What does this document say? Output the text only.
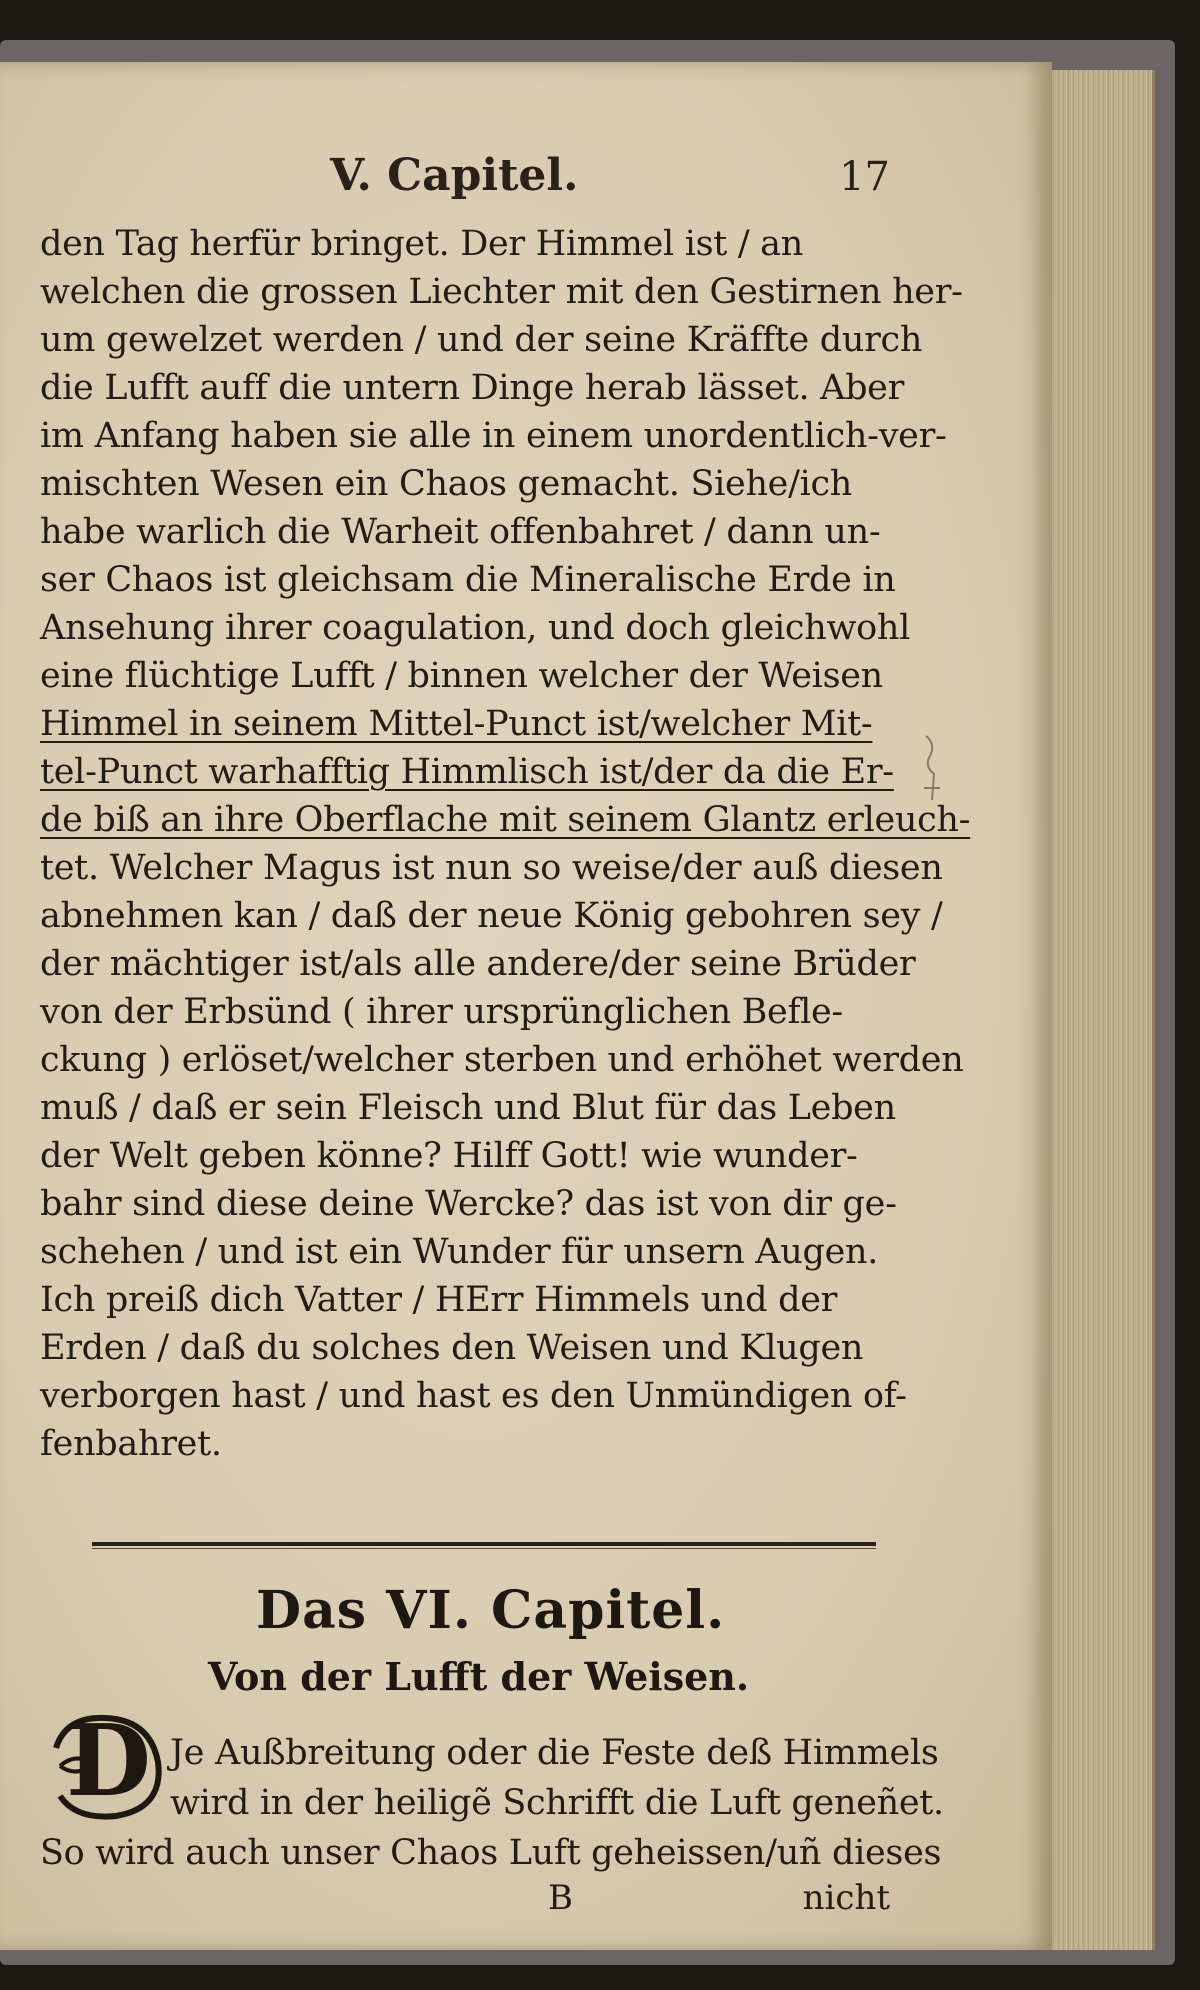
V. Capitel.	17
den Tag herfür bringet. Der Himmel ist / an
welchen die grossen Liechter mit den Gestirnen her-
um gewelzet werden / und der seine Kräffte durch
die Lufft auff die untern Dinge herab lässet. Aber
im Anfang haben sie alle in einem unordentlich-ver-
mischten Wesen ein Chaos gemacht. Siehe/ich
habe warlich die Warheit offenbahret / dann un-
ser Chaos ist gleichsam die Mineralische Erde in
Ansehung ihrer coagulation, und doch gleichwohl
eine flüchtige Lufft / binnen welcher der Weisen
Himmel in seinem Mittel-Punct ist/welcher Mit-
tel-Punct warhafftig Himmlisch ist/der da die Er-
de biß an ihre Oberflache mit seinem Glantz erleuch-
tet. Welcher Magus ist nun so weise/der auß diesen
abnehmen kan / daß der neue König gebohren sey /
der mächtiger ist/als alle andere/der seine Brüder
von der Erbsünd ( ihrer ursprünglichen Befle-
ckung ) erlöset/welcher sterben und erhöhet werden
muß / daß er sein Fleisch und Blut für das Leben
der Welt geben könne? Hilff Gott! wie wunder-
bahr sind diese deine Wercke? das ist von dir ge-
schehen / und ist ein Wunder für unsern Augen.
Ich preiß dich Vatter / HErr Himmels und der
Erden / daß du solches den Weisen und Klugen
verborgen hast / und hast es den Unmündigen of-
fenbahret.
Das VI. Capitel.
Von der Lufft der Weisen.
D Je Außbreitung oder die Feste deß Himmels
wird in der heiligẽ Schrifft die Luft geneñet.
So wird auch unser Chaos Luft geheissen/uñ dieses
B	nicht
